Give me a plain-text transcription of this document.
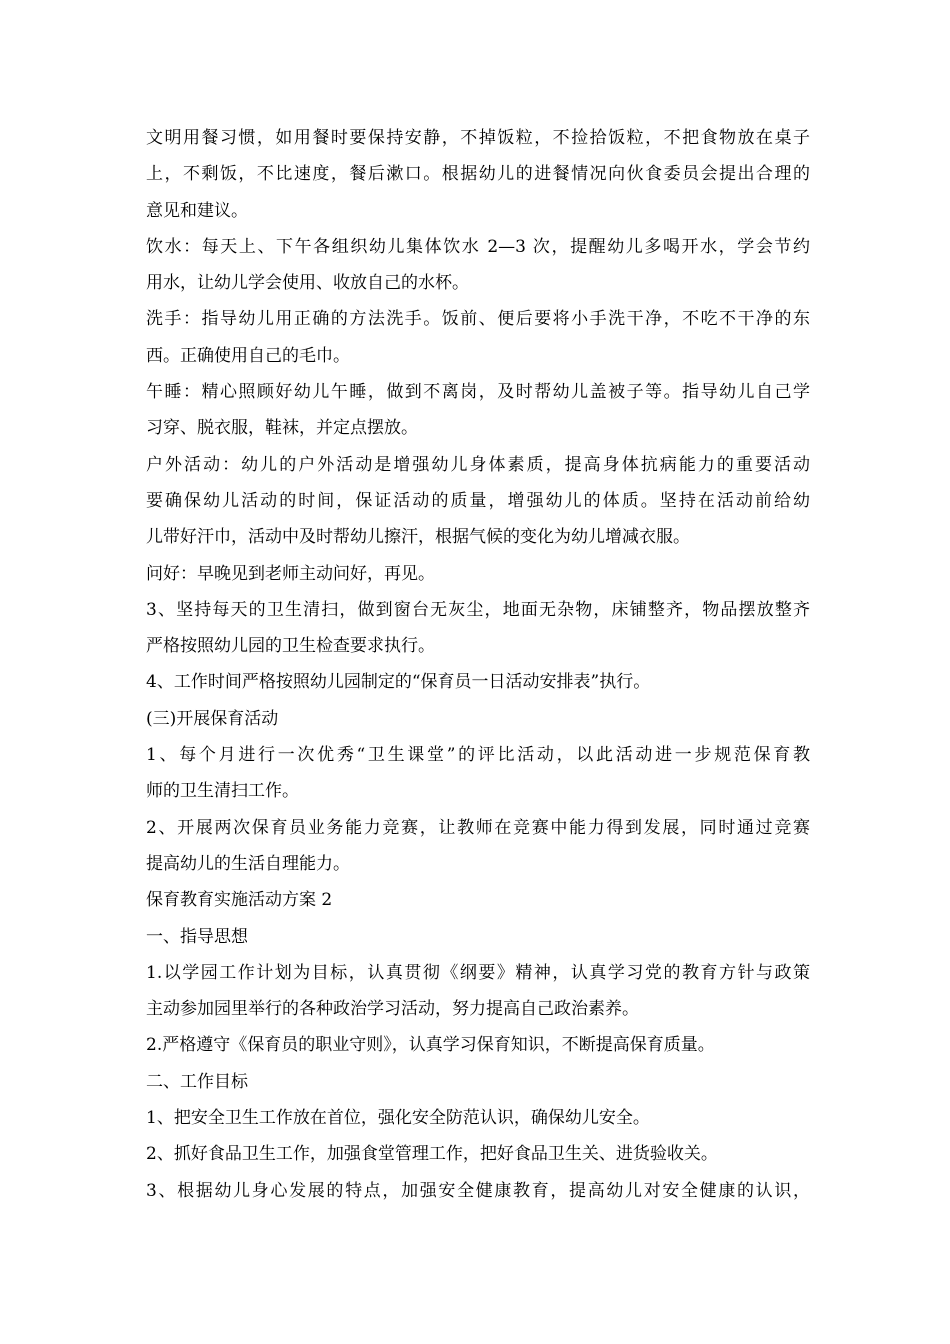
文明用餐习惯，如用餐时要保持安静，不掉饭粒，不捡拾饭粒，不把食物放在桌子
上，不剩饭，不比速度，餐后漱口。根据幼儿的进餐情况向伙食委员会提出合理的
意见和建议。
饮水：每天上、下午各组织幼儿集体饮水 2—3 次，提醒幼儿多喝开水，学会节约
用水，让幼儿学会使用、收放自己的水杯。
洗手：指导幼儿用正确的方法洗手。饭前、便后要将小手洗干净，不吃不干净的东
西。正确使用自己的毛巾。
午睡：精心照顾好幼儿午睡，做到不离岗，及时帮幼儿盖被子等。指导幼儿自己学
习穿、脱衣服，鞋袜，并定点摆放。
户外活动：幼儿的户外活动是增强幼儿身体素质，提高身体抗病能力的重要活动
要确保幼儿活动的时间，保证活动的质量，增强幼儿的体质。坚持在活动前给幼
儿带好汗巾，活动中及时帮幼儿擦汗，根据气候的变化为幼儿增减衣服。
问好：早晚见到老师主动问好，再见。
3、坚持每天的卫生清扫，做到窗台无灰尘，地面无杂物，床铺整齐，物品摆放整齐
严格按照幼儿园的卫生检查要求执行。
4、工作时间严格按照幼儿园制定的“保育员一日活动安排表”执行。
(三)开展保育活动
1、每个月进行一次优秀“卫生课堂”的评比活动，以此活动进一步规范保育教
师的卫生清扫工作。
2、开展两次保育员业务能力竞赛，让教师在竞赛中能力得到发展，同时通过竞赛
提高幼儿的生活自理能力。
保育教育实施活动方案 2
一、指导思想
1.以学园工作计划为目标，认真贯彻《纲要》精神，认真学习党的教育方针与政策
主动参加园里举行的各种政治学习活动，努力提高自己政治素养。
2.严格遵守《保育员的职业守则》，认真学习保育知识，不断提高保育质量。
二、工作目标
1、把安全卫生工作放在首位，强化安全防范认识，确保幼儿安全。
2、抓好食品卫生工作，加强食堂管理工作，把好食品卫生关、进货验收关。
3、根据幼儿身心发展的特点，加强安全健康教育，提高幼儿对安全健康的认识，
